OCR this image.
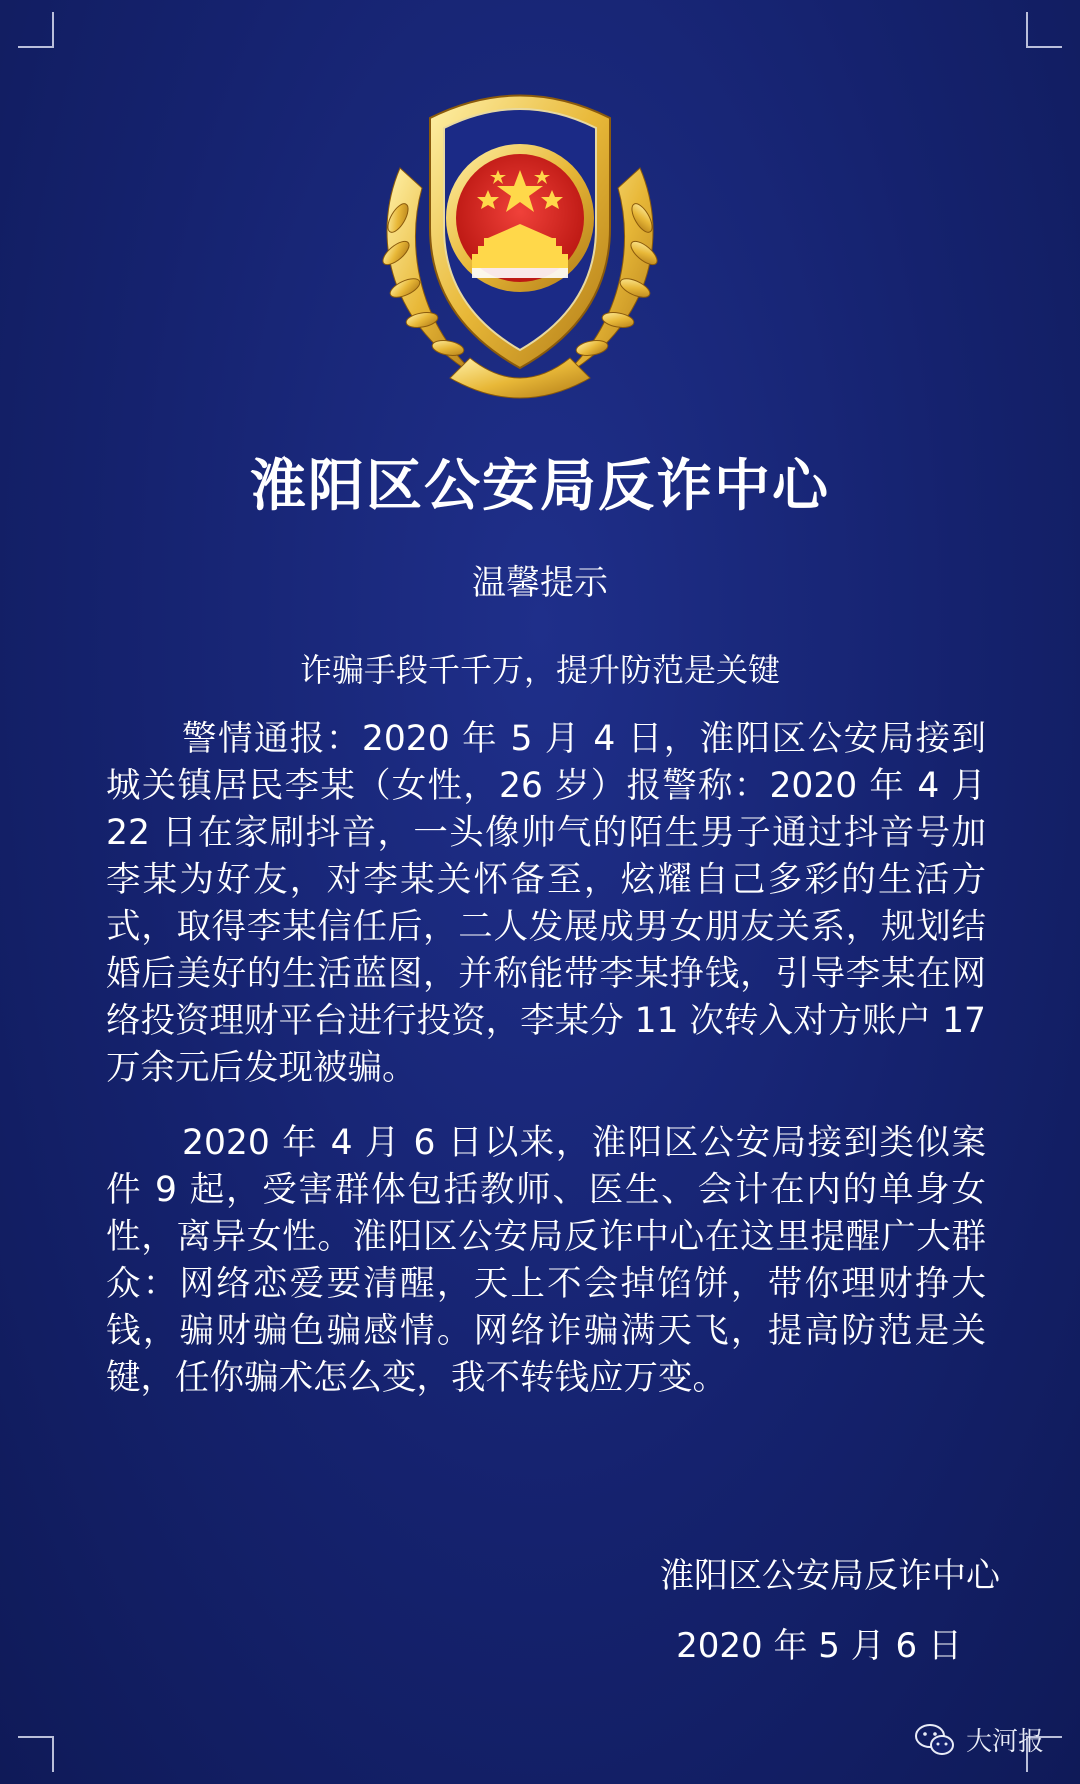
淮阳区公安局反诈中心
温馨提示
诈骗手段千千万，提升防范是关键
警情通报：2020 年 5 月 4 日，淮阳区公安局接到城关镇居民李某（女性，26 岁）报警称：2020 年 4 月 22 日在家刷抖音，一头像帅气的陌生男子通过抖音号加李某为好友，对李某关怀备至，炫耀自己多彩的生活方式，取得李某信任后，二人发展成男女朋友关系，规划结婚后美好的生活蓝图，并称能带李某挣钱，引导李某在网络投资理财平台进行投资，李某分 11 次转入对方账户 17 万余元后发现被骗。
2020 年 4 月 6 日以来，淮阳区公安局接到类似案件 9 起，受害群体包括教师、医生、会计在内的单身女性，离异女性。淮阳区公安局反诈中心在这里提醒广大群众：网络恋爱要清醒，天上不会掉馅饼，带你理财挣大钱，骗财骗色骗感情。网络诈骗满天飞，提高防范是关键，任你骗术怎么变，我不转钱应万变。
淮阳区公安局反诈中心
2020 年 5 月 6 日
大河报
